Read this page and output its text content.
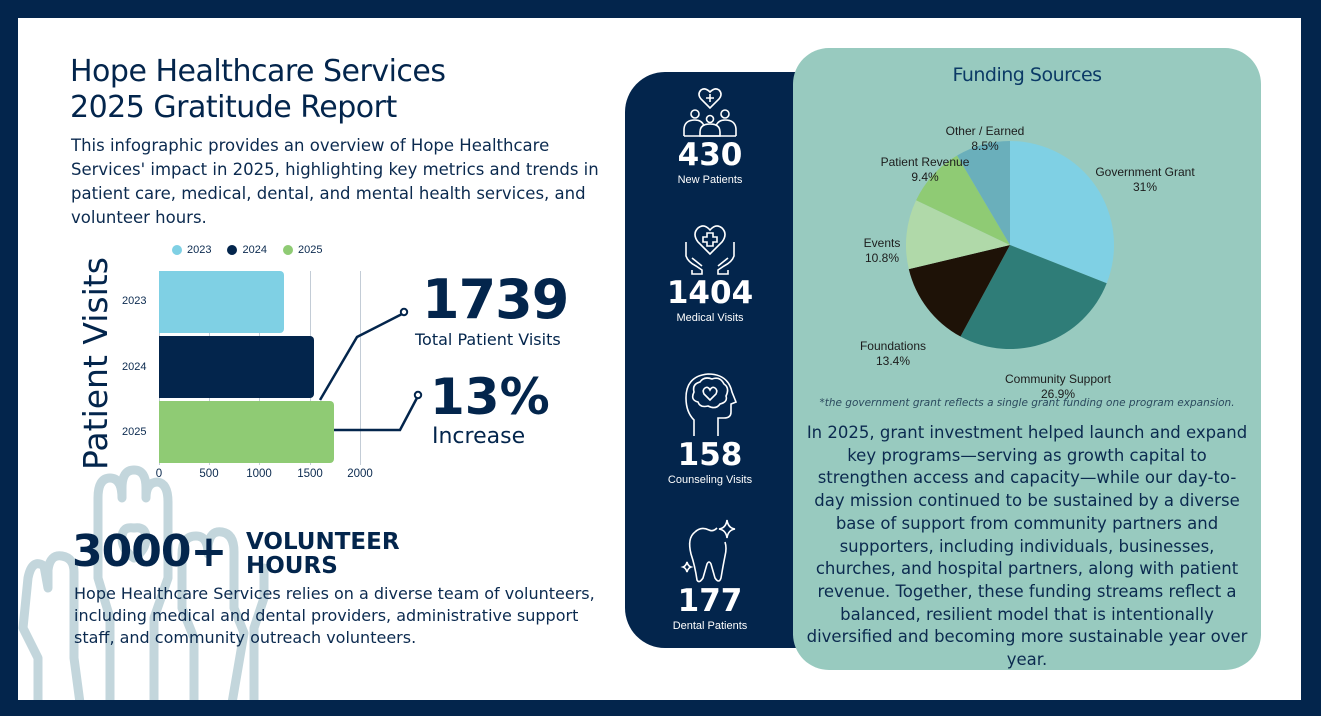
Hope Healthcare Services
2025 Gratitude Report
This infographic provides an overview of Hope Healthcare Services' impact in 2025, highlighting key metrics and trends in patient care, medical, dental, and mental health services, and volunteer hours.
Patient Visits
2023	2024	2025
2023
2024
2025
0	500 1000 1500 2000
1739
Total Patient Visits
13%
Increase
3000+ VOLUNTEER
HOURS
Hope Healthcare Services relies on a diverse team of volunteers, including medical and dental providers, administrative support staff, and community outreach volunteers.
430
New Patients
1404
Medical Visits
158
Counseling Visits
177
Dental Patients
Funding Sources
Government Grant
31%
Community Support
26.9%
Foundations
13.4%
Events
10.8%
Patient Revenue
9.4%
Other / Earned
8.5%
*the government grant reflects a single grant funding one program expansion.
In 2025, grant investment helped launch and expand key programs—serving as growth capital to strengthen access and capacity—while our day-to-day mission continued to be sustained by a diverse base of support from community partners and supporters, including individuals, businesses, churches, and hospital partners, along with patient revenue. Together, these funding streams reflect a balanced, resilient model that is intentionally diversified and becoming more sustainable year over year.
